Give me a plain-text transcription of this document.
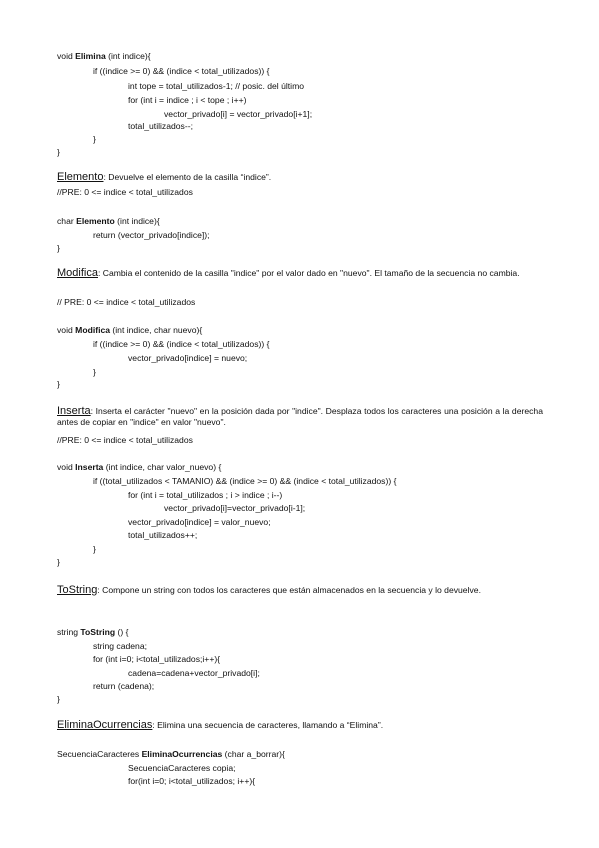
void Elimina (int indice){
if ((indice >= 0) && (indice < total_utilizados)) {
int tope = total_utilizados-1; // posic. del último
for (int i = indice ; i < tope ; i++)
vector_privado[i] = vector_privado[i+1];
total_utilizados--;
}
}
Elemento: Devuelve el elemento de la casilla “indice”.
//PRE: 0 <= indice < total_utilizados
char Elemento (int indice){
return (vector_privado[indice]);
}
Modifica: Cambia el contenido de la casilla "indice" por el valor dado en "nuevo". El tamaño de la secuencia no cambia.
// PRE: 0 <= indice < total_utilizados
void Modifica (int indice, char nuevo){
if ((indice >= 0) && (indice < total_utilizados)) {
vector_privado[indice] = nuevo;
}
}
Inserta: Inserta el carácter "nuevo" en la posición dada por "indice". Desplaza todos los caracteres una posición a la derecha antes de copiar en "indice" en valor "nuevo".
//PRE: 0 <= indice < total_utilizados
void Inserta (int indice, char valor_nuevo) {
if ((total_utilizados < TAMANIO) && (indice >= 0) && (indice < total_utilizados)) {
for (int i = total_utilizados ; i > indice ; i--)
vector_privado[i]=vector_privado[i-1];
vector_privado[indice] = valor_nuevo;
total_utilizados++;
}
}
ToString: Compone un string con todos los caracteres que están almacenados en la secuencia y lo devuelve.
string ToString () {
string cadena;
for (int i=0; i<total_utilizados;i++){
cadena=cadena+vector_privado[i];
return (cadena);
}
EliminaOcurrencias: Elimina una secuencia de caracteres, llamando a “Elimina”.
SecuenciaCaracteres EliminaOcurrencias (char a_borrar){
SecuenciaCaracteres copia;
for(int i=0; i<total_utilizados; i++){
